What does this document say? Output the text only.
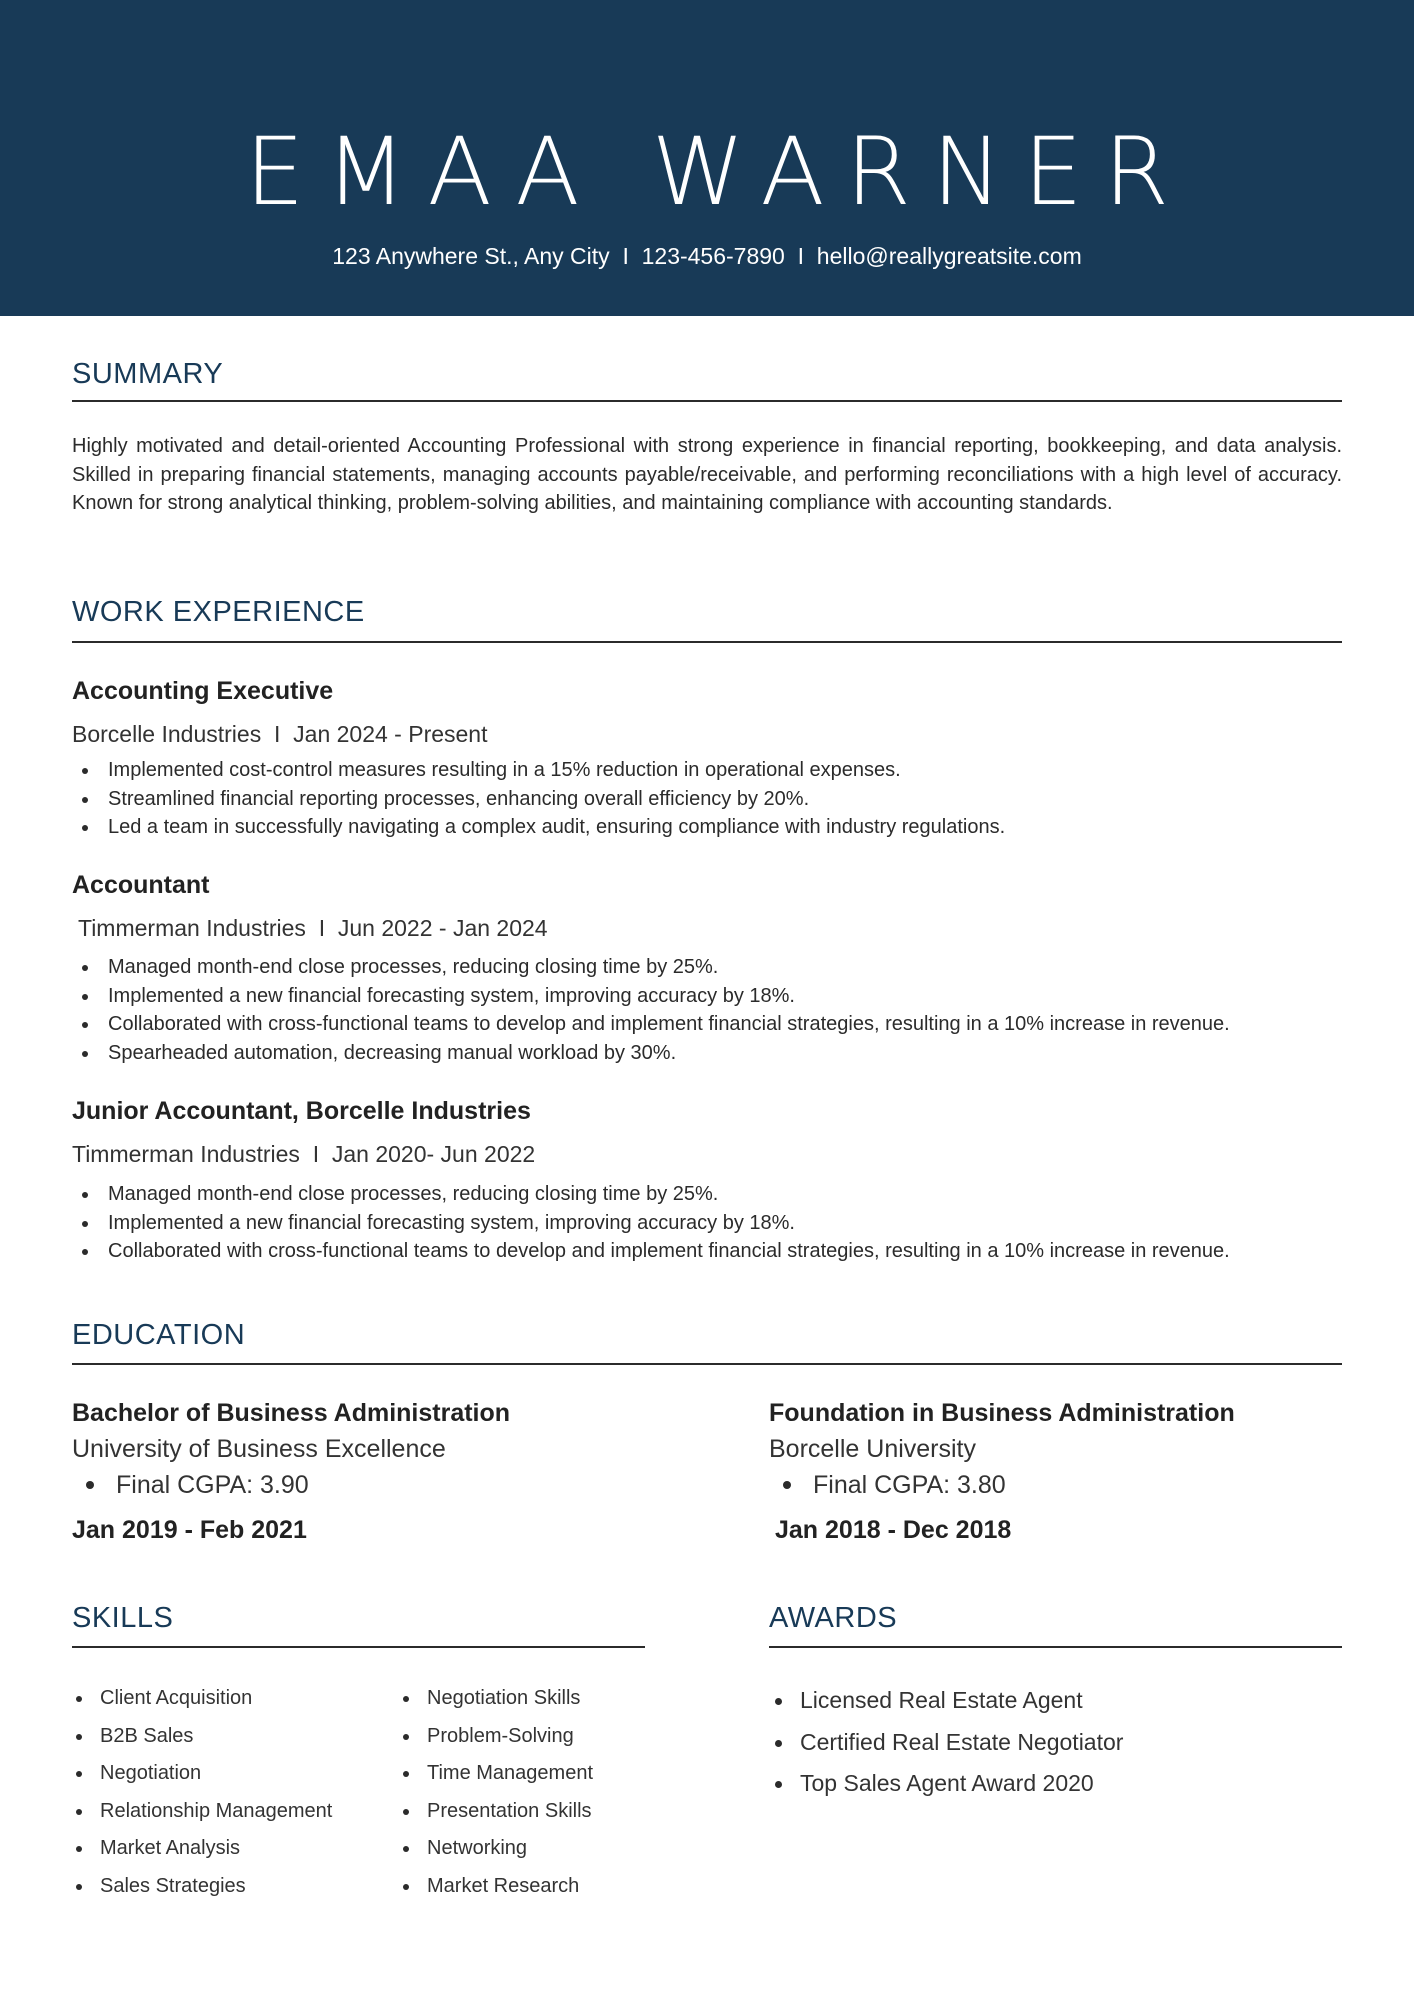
EMAA WARNER
123 Anywhere St., Any City  I  123-456-7890  I  hello@reallygreatsite.com
SUMMARY
Highly motivated and detail-oriented Accounting Professional with strong experience in financial reporting, bookkeeping, and data analysis. Skilled in preparing financial statements, managing accounts payable/receivable, and performing reconciliations with a high level of accuracy. Known for strong analytical thinking, problem-solving abilities, and maintaining compliance with accounting standards.
WORK EXPERIENCE
Accounting Executive
Borcelle Industries  I  Jan 2024 - Present
Implemented cost-control measures resulting in a 15% reduction in operational expenses.
Streamlined financial reporting processes, enhancing overall efficiency by 20%.
Led a team in successfully navigating a complex audit, ensuring compliance with industry regulations.
Accountant
Timmerman Industries  I  Jun 2022 - Jan 2024
Managed month-end close processes, reducing closing time by 25%.
Implemented a new financial forecasting system, improving accuracy by 18%.
Collaborated with cross-functional teams to develop and implement financial strategies, resulting in a 10% increase in revenue.
Spearheaded automation, decreasing manual workload by 30%.
Junior Accountant, Borcelle Industries
Timmerman Industries  I  Jan 2020- Jun 2022
Managed month-end close processes, reducing closing time by 25%.
Implemented a new financial forecasting system, improving accuracy by 18%.
Collaborated with cross-functional teams to develop and implement financial strategies, resulting in a 10% increase in revenue.
EDUCATION
Bachelor of Business Administration
University of Business Excellence
Final CGPA: 3.90
Jan 2019 - Feb 2021
Foundation in Business Administration
Borcelle University
Final CGPA: 3.80
Jan 2018 - Dec 2018
SKILLS
Client Acquisition
B2B Sales
Negotiation
Relationship Management
Market Analysis
Sales Strategies
Negotiation Skills
Problem-Solving
Time Management
Presentation Skills
Networking
Market Research
AWARDS
Licensed Real Estate Agent
Certified Real Estate Negotiator
Top Sales Agent Award 2020
